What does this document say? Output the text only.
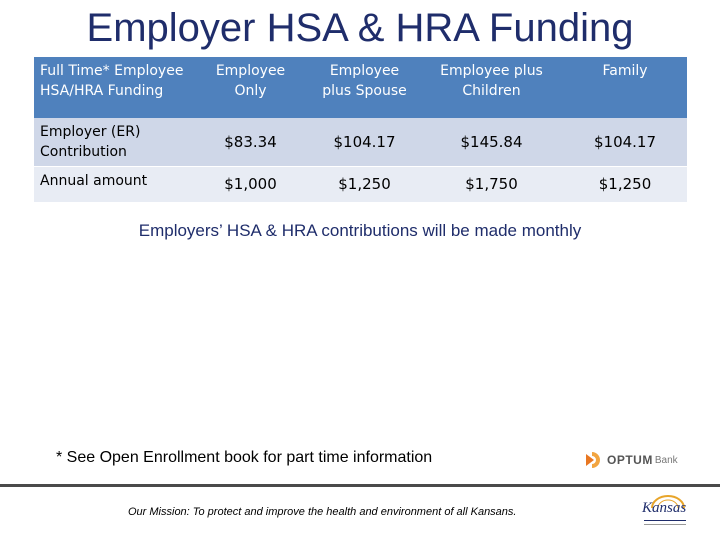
Employer HSA & HRA Funding
Full Time* Employee HSA/HRA Funding	Employee Only	Employee plus Spouse	Employee plus Children	Family
Employer (ER) Contribution	$83.34	$104.17	$145.84	$104.17
Annual amount	$1,000	$1,250	$1,750	$1,250
Employers’ HSA & HRA contributions will be made monthly
* See Open Enrollment book for part time information	OPTUM Bank
Our Mission: To protect and improve the health and environment of all Kansans.	Kansas
